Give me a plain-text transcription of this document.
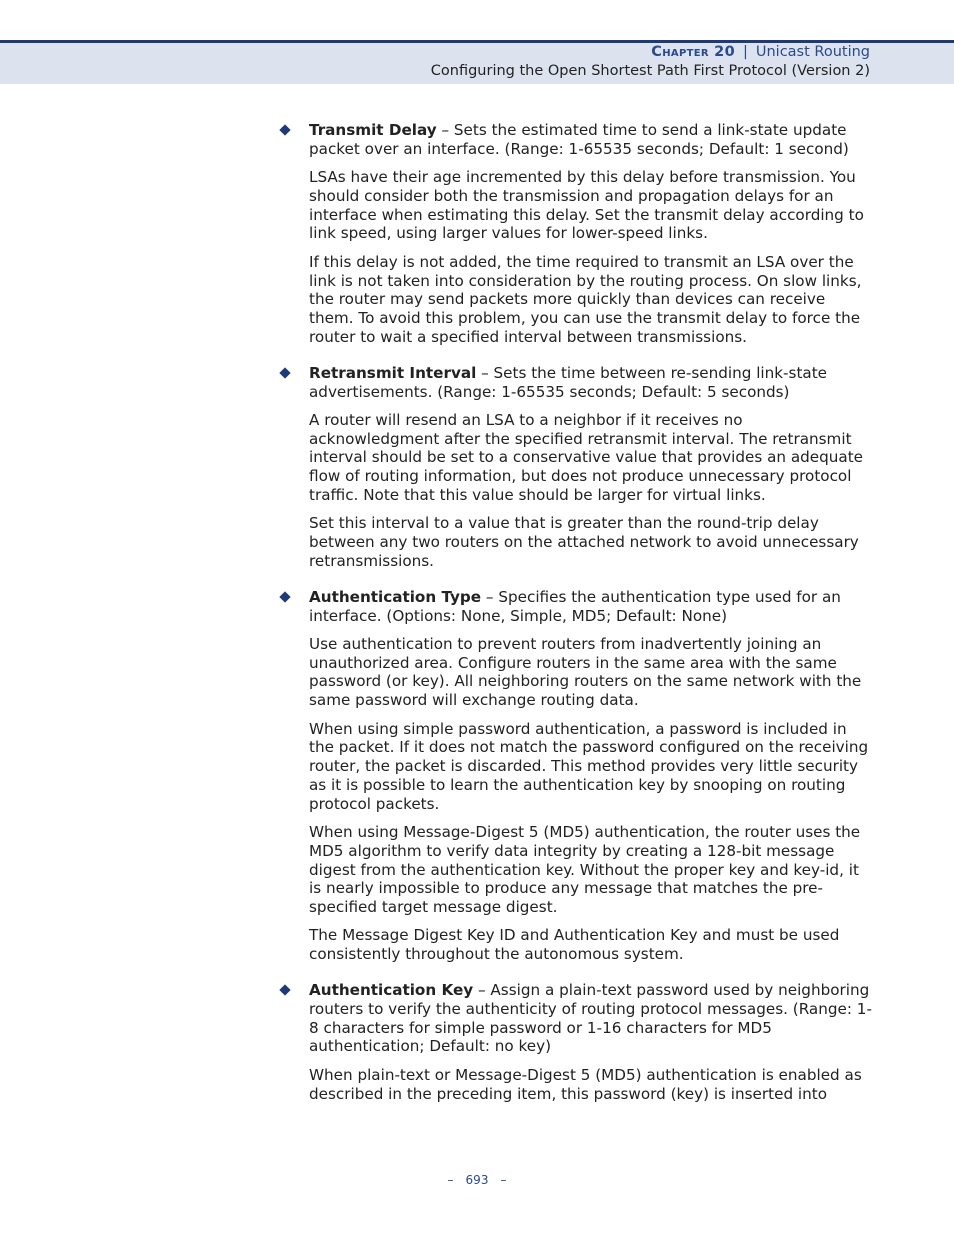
Chapter 20 | Unicast Routing
Configuring the Open Shortest Path First Protocol (Version 2)

Transmit Delay – Sets the estimated time to send a link-state update packet over an interface. (Range: 1-65535 seconds; Default: 1 second)

LSAs have their age incremented by this delay before transmission. You should consider both the transmission and propagation delays for an interface when estimating this delay. Set the transmit delay according to link speed, using larger values for lower-speed links.

If this delay is not added, the time required to transmit an LSA over the link is not taken into consideration by the routing process. On slow links, the router may send packets more quickly than devices can receive them. To avoid this problem, you can use the transmit delay to force the router to wait a specified interval between transmissions.

Retransmit Interval – Sets the time between re-sending link-state advertisements. (Range: 1-65535 seconds; Default: 5 seconds)

A router will resend an LSA to a neighbor if it receives no acknowledgment after the specified retransmit interval. The retransmit interval should be set to a conservative value that provides an adequate flow of routing information, but does not produce unnecessary protocol traffic. Note that this value should be larger for virtual links.

Set this interval to a value that is greater than the round-trip delay between any two routers on the attached network to avoid unnecessary retransmissions.

Authentication Type – Specifies the authentication type used for an interface. (Options: None, Simple, MD5; Default: None)

Use authentication to prevent routers from inadvertently joining an unauthorized area. Configure routers in the same area with the same password (or key). All neighboring routers on the same network with the same password will exchange routing data.

When using simple password authentication, a password is included in the packet. If it does not match the password configured on the receiving router, the packet is discarded. This method provides very little security as it is possible to learn the authentication key by snooping on routing protocol packets.

When using Message-Digest 5 (MD5) authentication, the router uses the MD5 algorithm to verify data integrity by creating a 128-bit message digest from the authentication key. Without the proper key and key-id, it is nearly impossible to produce any message that matches the pre-specified target message digest.

The Message Digest Key ID and Authentication Key and must be used consistently throughout the autonomous system.

Authentication Key – Assign a plain-text password used by neighboring routers to verify the authenticity of routing protocol messages. (Range: 1-8 characters for simple password or 1-16 characters for MD5 authentication; Default: no key)

When plain-text or Message-Digest 5 (MD5) authentication is enabled as described in the preceding item, this password (key) is inserted into

– 693 –
